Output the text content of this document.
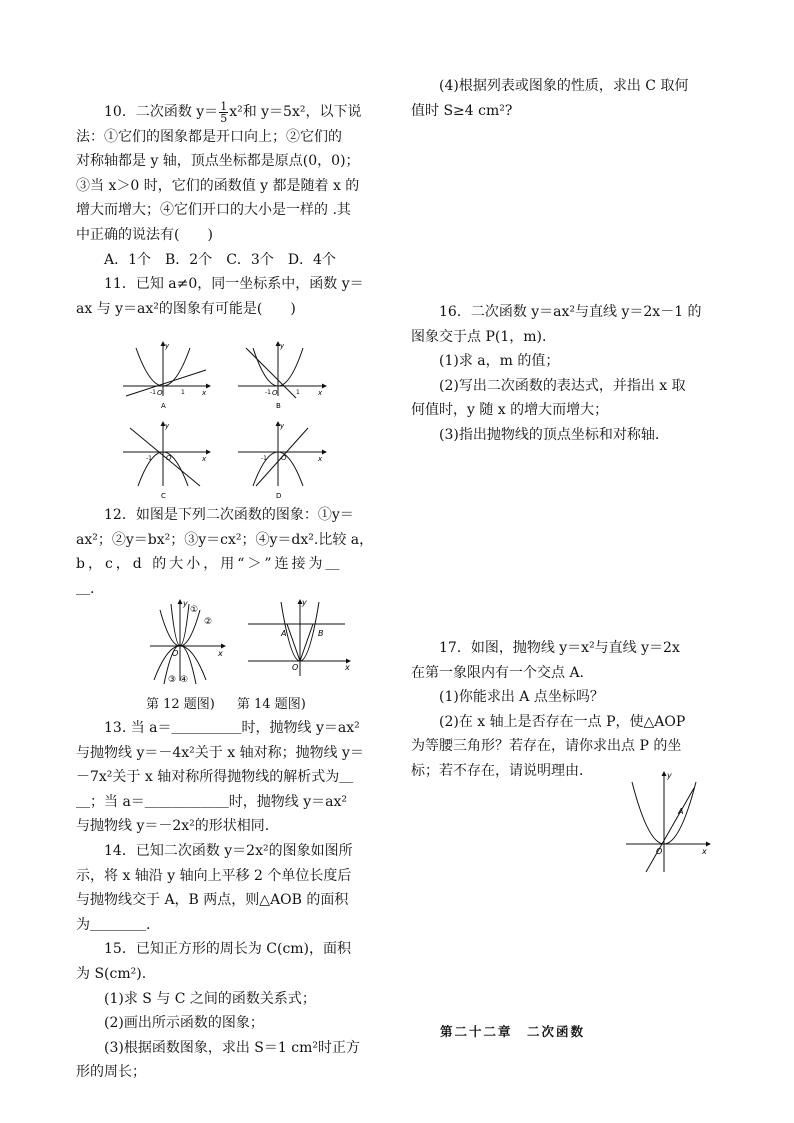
10．二次函数 $y= \frac{1}{5} x^2$和 y＝5x²，以下说
法：①它们的图象都是开口向上；②它们的
对称轴都是 y 轴，顶点坐标都是原点(0，0)；
③当 x＞0 时，它们的函数值 y 都是随着 x 的
增大而增大；④它们开口的大小是一样的 .其
中正确的说法有(　　)
A．1个　B．2个　C．3个　D．4个
11．已知 a≠0，同一坐标系中，函数 y＝
ax 与 y＝ax²的图象有可能是(　　)
y
x
-1 O	1
A
y
x
-1 O	1
B
y
x
-1 O
C
y
x
-1 O
D
12．如图是下列二次函数的图象：①y＝
ax²；②y＝bx²；③y＝cx²；④y＝dx².比较 a，
b，c，d 的大小，用“＞”连接为＿
＿.
y
x
O
①
②
③ ④
y
x
O
A	B
第 12 题图) 第 14 题图)
13. 当 a＝＿＿＿＿＿时，抛物线 y＝ax²
与抛物线 y＝－4x²关于 x 轴对称；抛物线 y＝
－7x²关于 x 轴对称所得抛物线的解析式为＿
＿；当 a＝＿＿＿＿＿＿时，抛物线 y＝ax²
与抛物线 y＝－2x²的形状相同.
14．已知二次函数 y＝2x²的图象如图所
示，将 x 轴沿 y 轴向上平移 2 个单位长度后
与抛物线交于 A，B 两点，则△AOB 的面积
为＿＿＿＿.
15．已知正方形的周长为 C(cm)，面积
为 S(cm²).
(1)求 S 与 C 之间的函数关系式；
(2)画出所示函数的图象；
(3)根据函数图象，求出 S＝1 cm²时正方
形的周长；
(4)根据列表或图象的性质，求出 C 取何
值时 S≥4 cm²?
16．二次函数 y＝ax²与直线 y＝2x－1 的
图象交于点 P(1，m).
(1)求 a，m 的值；
(2)写出二次函数的表达式，并指出 x 取
何值时，y 随 x 的增大而增大；
(3)指出抛物线的顶点坐标和对称轴.
17．如图，抛物线 y＝x²与直线 y＝2x
在第一象限内有一个交点 A.
(1)你能求出 A 点坐标吗？
(2)在 x 轴上是否存在一点 P，使△AOP
为等腰三角形？若存在，请你求出点 P 的坐
标；若不存在，请说明理由.	y
x
O
A
第二十二章　二次函数
